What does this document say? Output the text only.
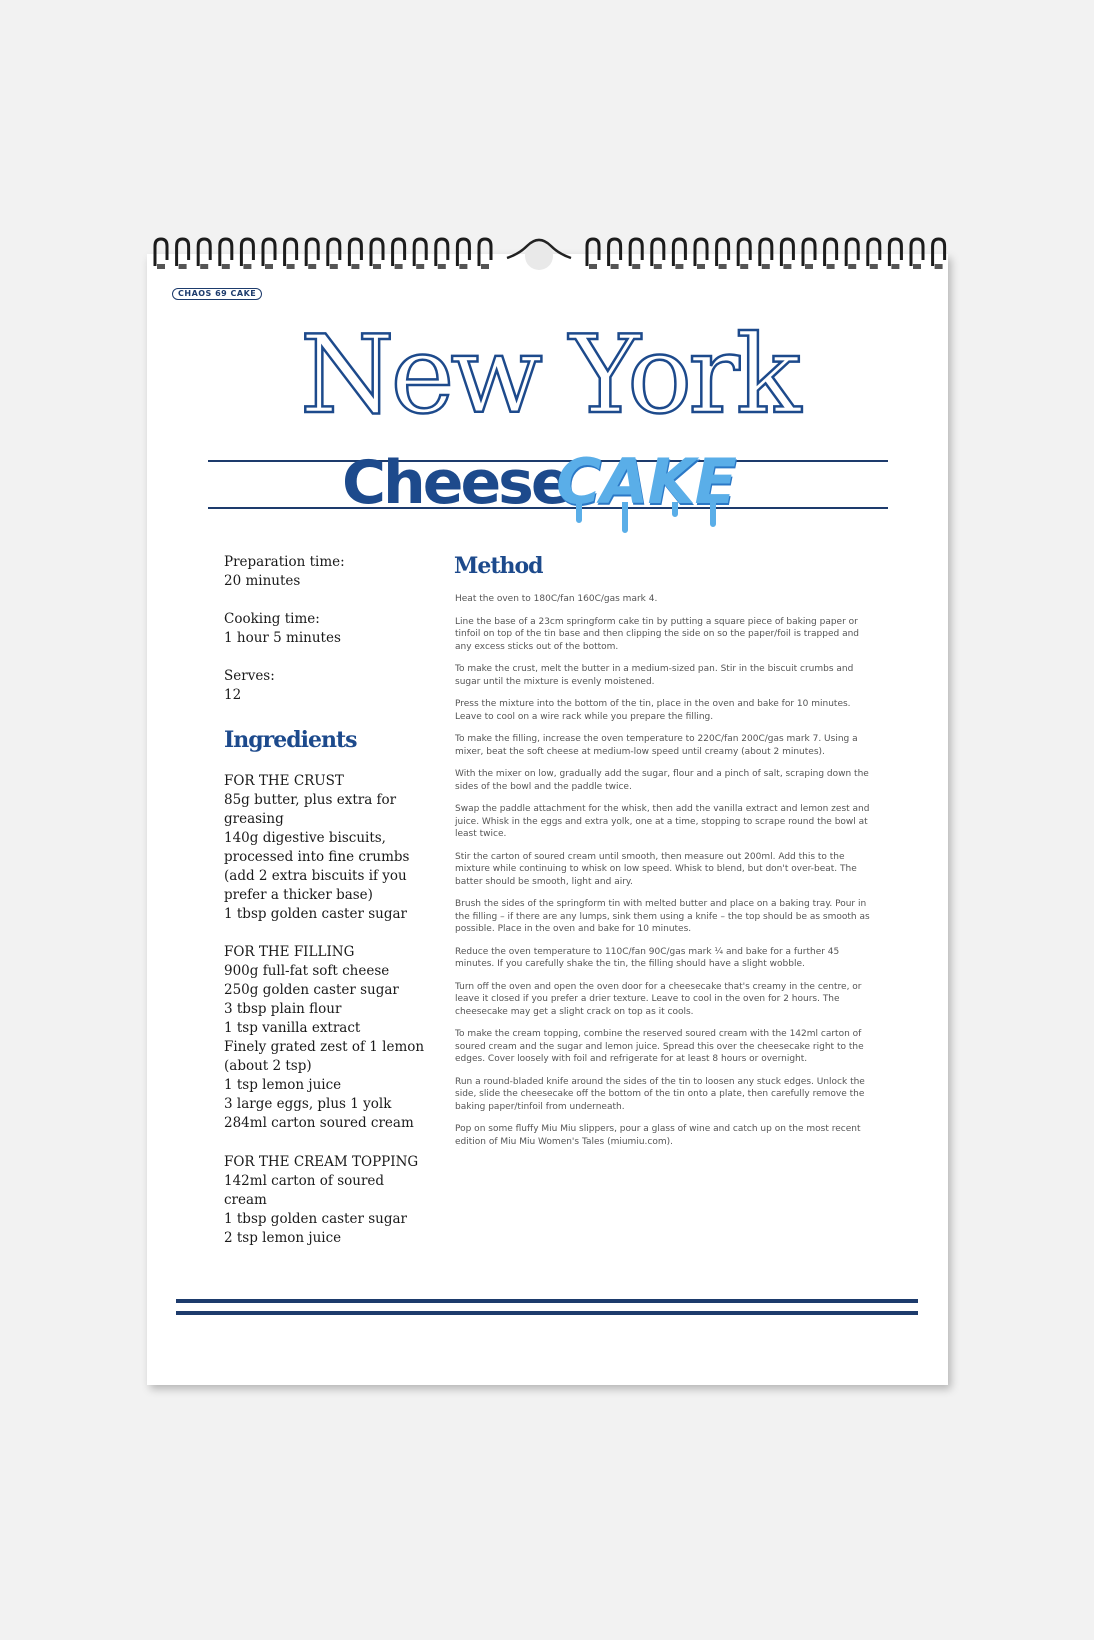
CHAOS 69 CAKE
New York
Cheese
CAKE
Preparation time:
20 minutes
Cooking time:
1 hour 5 minutes
Serves:
12
Ingredients
FOR THE CRUST
85g butter, plus extra for
greasing
140g digestive biscuits,
processed into fine crumbs
(add 2 extra biscuits if you
prefer a thicker base)
1 tbsp golden caster sugar
FOR THE FILLING
900g full-fat soft cheese
250g golden caster sugar
3 tbsp plain flour
1 tsp vanilla extract
Finely grated zest of 1 lemon
(about 2 tsp)
1 tsp lemon juice
3 large eggs, plus 1 yolk
284ml carton soured cream
FOR THE CREAM TOPPING
142ml carton of soured cream
1 tbsp golden caster sugar
2 tsp lemon juice
Method

Heat the oven to 180C/fan 160C/gas mark 4.

Line the base of a 23cm springform cake tin by putting a square piece of baking paper or tinfoil on top of the tin base and then clipping the side on so the paper/foil is trapped and any excess sticks out of the bottom.

To make the crust, melt the butter in a medium-sized pan. Stir in the biscuit crumbs and sugar until the mixture is evenly moistened.

Press the mixture into the bottom of the tin, place in the oven and bake for 10 minutes. Leave to cool on a wire rack while you prepare the filling.

To make the filling, increase the oven temperature to 220C/fan 200C/gas mark 7. Using a mixer, beat the soft cheese at medium-low speed until creamy (about 2 minutes).

With the mixer on low, gradually add the sugar, flour and a pinch of salt, scraping down the sides of the bowl and the paddle twice.

Swap the paddle attachment for the whisk, then add the vanilla extract and lemon zest and juice. Whisk in the eggs and extra yolk, one at a time, stopping to scrape round the bowl at least twice.

Stir the carton of soured cream until smooth, then measure out 200ml. Add this to the mixture while continuing to whisk on low speed. Whisk to blend, but don't over-beat. The batter should be smooth, light and airy.

Brush the sides of the springform tin with melted butter and place on a baking tray. Pour in the filling – if there are any lumps, sink them using a knife – the top should be as smooth as possible. Place in the oven and bake for 10 minutes.

Reduce the oven temperature to 110C/fan 90C/gas mark ¼ and bake for a further 45 minutes. If you carefully shake the tin, the filling should have a slight wobble.

Turn off the oven and open the oven door for a cheesecake that's creamy in the centre, or leave it closed if you prefer a drier texture. Leave to cool in the oven for 2 hours. The cheesecake may get a slight crack on top as it cools.

To make the cream topping, combine the reserved soured cream with the 142ml carton of soured cream and the sugar and lemon juice. Spread this over the cheesecake right to the edges. Cover loosely with foil and refrigerate for at least 8 hours or overnight.

Run a round-bladed knife around the sides of the tin to loosen any stuck edges. Unlock the side, slide the cheesecake off the bottom of the tin onto a plate, then carefully remove the baking paper/tinfoil from underneath.

Pop on some fluffy Miu Miu slippers, pour a glass of wine and catch up on the most recent edition of Miu Miu Women's Tales (miumiu.com).
